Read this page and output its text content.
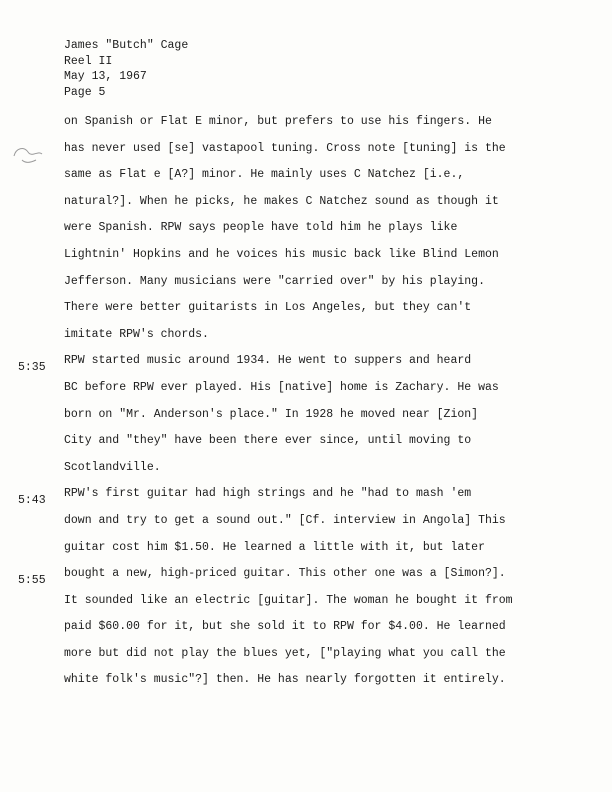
James "Butch" Cage
Reel II
May 13, 1967
Page 5
5:35
5:43
5:55
on Spanish or Flat E minor, but prefers to use his fingers. He
has never used [se] vastapool tuning. Cross note [tuning] is the
same as Flat e [A?] minor. He mainly uses C Natchez [i.e.,
natural?]. When he picks, he makes C Natchez sound as though it
were Spanish. RPW says people have told him he plays like
Lightnin' Hopkins and he voices his music back like Blind Lemon
Jefferson. Many musicians were "carried over" by his playing.
There were better guitarists in Los Angeles, but they can't
imitate RPW's chords.
RPW started music around 1934. He went to suppers and heard
BC before RPW ever played. His [native] home is Zachary. He was
born on "Mr. Anderson's place." In 1928 he moved near [Zion]
City and "they" have been there ever since, until moving to
Scotlandville.
RPW's first guitar had high strings and he "had to mash 'em
down and try to get a sound out." [Cf. interview in Angola] This
guitar cost him $1.50. He learned a little with it, but later
bought a new, high-priced guitar. This other one was a [Simon?].
It sounded like an electric [guitar]. The woman he bought it from
paid $60.00 for it, but she sold it to RPW for $4.00. He learned
more but did not play the blues yet, ["playing what you call the
white folk's music"?] then. He has nearly forgotten it entirely.
